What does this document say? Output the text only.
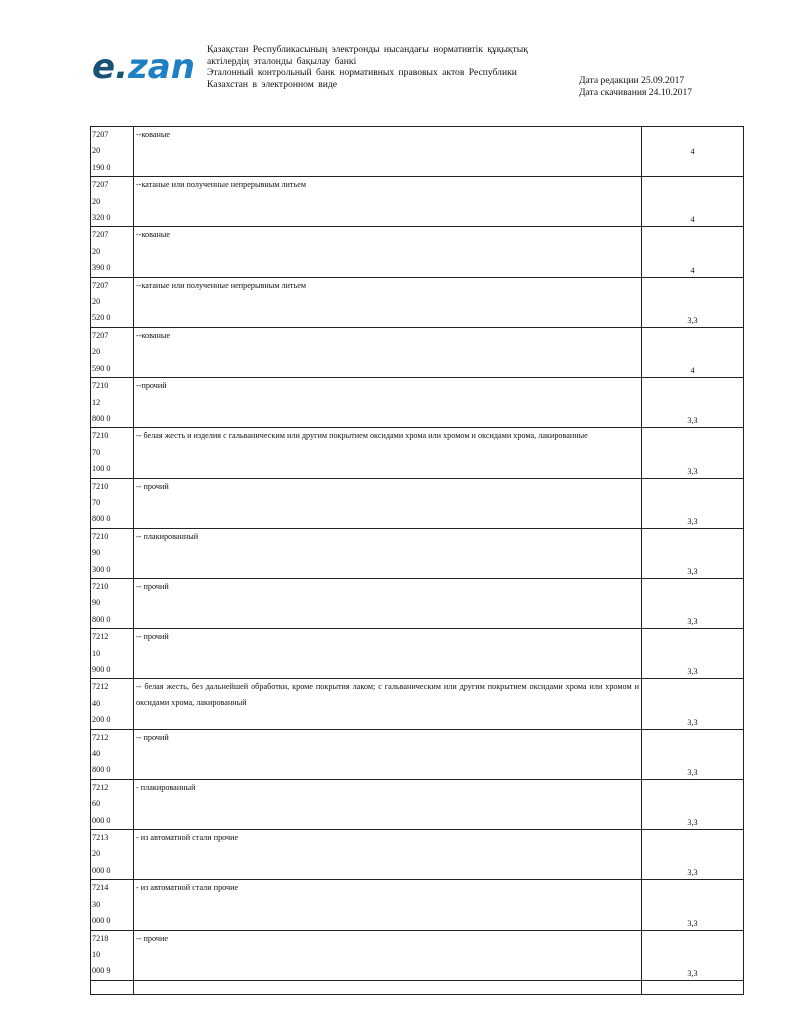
e.zan Қазақстан Республикасының электронды нысандағы нормативтік құқықтық
актілердің эталонды бақылау банкі
Эталонный контрольный банк нормативных правовых актов Республики
Казахстан в электронном виде	Дата редакции 25.09.2017
Дата скачивания 24.10.2017
7207
20
190 0	--кованые	4

7207
20
320 0	--катаные или полученные непрерывным литьем	4

7207
20
390 0	--кованые	4

7207
20
520 0	--катаные или полученные непрерывным литьем	3,3

7207
20
590 0	--кованые	4

7210
12
800 0	--прочий	3,3

7210
70
100 0	-- белая жесть и изделия с гальваническим или другим покрытием оксидами хрома или хромом и оксидами хрома, лакированные	3,3

7210
70
800 0	-- прочий	3,3

7210
90
300 0	-- плакированный	3,3

7210
90
800 0	-- прочий	3,3

7212
10
900 0	-- прочий	3,3

7212
40
200 0	-- белая жесть, без дальнейшей обработки, кроме покрытия лаком; с гальваническим или другим покрытием оксидами хрома или хромом и оксидами хрома, лакированный	3,3

7212
40
800 0	-- прочий	3,3

7212
60
000 0	- плакированный	3,3

7213
20
000 0	- из автоматной стали прочие	3,3

7214
30
000 0	- из автоматной стали прочие	3,3

7218
10
000 9	-- прочие	3,3
